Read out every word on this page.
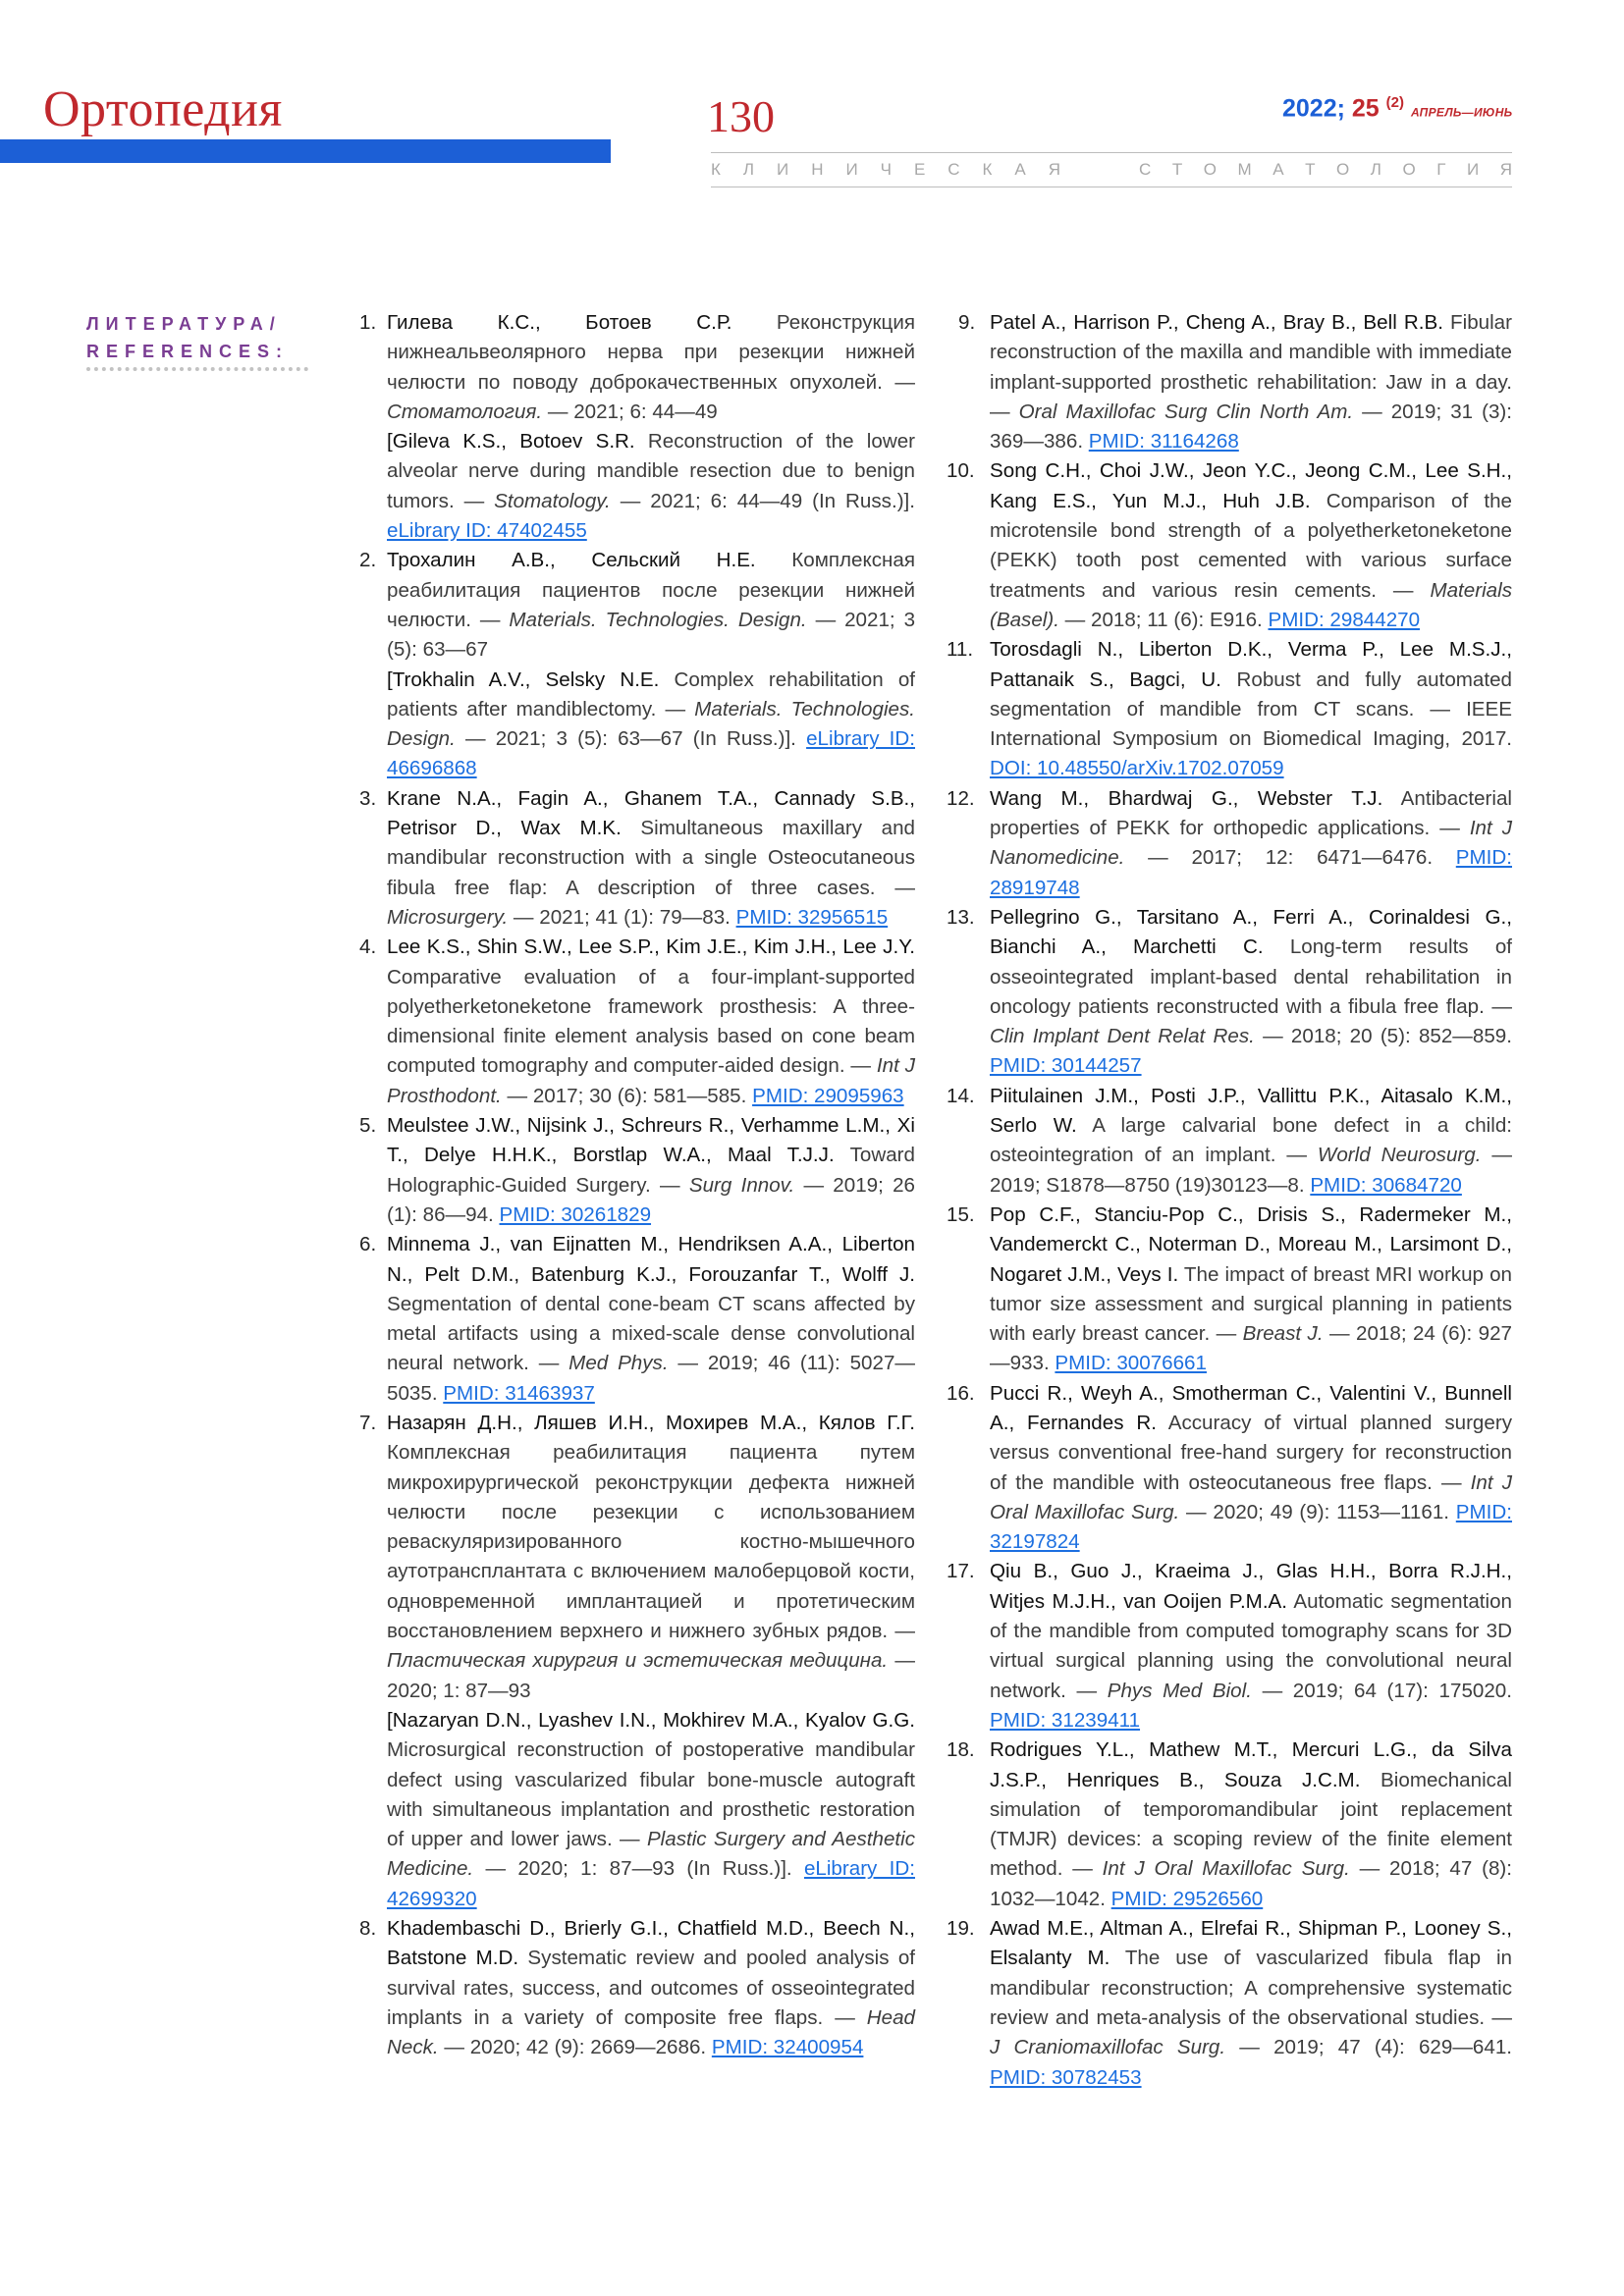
Ортопедия	130	2022; 25 $^{(2)}$ АПРЕЛЬ—ИЮНЬ
К Л И Н И Ч Е С К А Я	С Т О М А Т О Л О Г И Я
ЛИТЕРАТУРА/
REFERENCES:
1. Гилева К.С., Ботоев С.Р. Реконструкция нижнеальвеолярного нерва при резекции нижней челюсти по поводу доброкачественных опухолей. — Стоматология. — 2021; 6: 44—49
[Gileva K.S., Botoev S.R. Reconstruction of the lower alveolar nerve during mandible resection due to benign tumors. — Stomatology. — 2021; 6: 44—49 (In Russ.)]. eLibrary ID: 47402455
2. Трохалин А.В., Сельский Н.Е. Комплексная реабилитация пациентов после резекции нижней челюсти. — Materials. Technologies. Design. — 2021; 3 (5): 63—67
[Trokhalin A.V., Selsky N.E. Complex rehabilitation of patients after mandiblectomy. — Materials. Technologies. Design. — 2021; 3 (5): 63—67 (In Russ.)]. eLibrary ID: 46696868
3. Krane N.A., Fagin A., Ghanem T.A., Cannady S.B., Petrisor D., Wax M.K. Simultaneous maxillary and mandibular reconstruction with a single Osteocutaneous fibula free flap: A description of three cases. — Microsurgery. — 2021; 41 (1): 79—83. PMID: 32956515
4. Lee K.S., Shin S.W., Lee S.P., Kim J.E., Kim J.H., Lee J.Y. Comparative evaluation of a four-implant-supported polyetherketoneketone framework prosthesis: A three-dimensional finite element analysis based on cone beam computed tomography and computer-aided design. — Int J Prosthodont. — 2017; 30 (6): 581—585. PMID: 29095963
5. Meulstee J.W., Nijsink J., Schreurs R., Verhamme L.M., Xi T., Delye H.H.K., Borstlap W.A., Maal T.J.J. Toward Holographic-Guided Surgery. — Surg Innov. — 2019; 26 (1): 86—94. PMID: 30261829
6. Minnema J., van Eijnatten M., Hendriksen A.A., Liberton N., Pelt D.M., Batenburg K.J., Forouzanfar T., Wolff J. Segmentation of dental cone-beam CT scans affected by metal artifacts using a mixed-scale dense convolutional neural network. — Med Phys. — 2019; 46 (11): 5027—5035. PMID: 31463937
7. Назарян Д.Н., Ляшев И.Н., Мохирев М.А., Кялов Г.Г. Комплексная реабилитация пациента путем микрохирургической реконструкции дефекта нижней челюсти после резекции с использованием реваскуляризированного костно-мышечного аутотрансплантата с включением малоберцовой кости, одновременной имплантацией и протетическим восстановлением верхнего и нижнего зубных рядов. — Пластическая хирургия и эстетическая медицина. — 2020; 1: 87—93
[Nazaryan D.N., Lyashev I.N., Mokhirev M.A., Kyalov G.G. Microsurgical reconstruction of postoperative mandibular defect using vascularized fibular bone-muscle autograft with simultaneous implantation and prosthetic restoration of upper and lower jaws. — Plastic Surgery and Aesthetic Medicine. — 2020; 1: 87—93 (In Russ.)]. eLibrary ID: 42699320
8. Khadembaschi D., Brierly G.I., Chatfield M.D., Beech N., Batstone M.D. Systematic review and pooled analysis of survival rates, success, and outcomes of osseointegrated implants in a variety of composite free flaps. — Head Neck. — 2020; 42 (9): 2669—2686. PMID: 32400954
9. Patel A., Harrison P., Cheng A., Bray B., Bell R.B. Fibular reconstruction of the maxilla and mandible with immediate implant-supported prosthetic rehabilitation: Jaw in a day. — Oral Maxillofac Surg Clin North Am. — 2019; 31 (3): 369—386. PMID: 31164268
10. Song C.H., Choi J.W., Jeon Y.C., Jeong C.M., Lee S.H., Kang E.S., Yun M.J., Huh J.B. Comparison of the microtensile bond strength of a polyetherketoneketone (PEKK) tooth post cemented with various surface treatments and various resin cements. — Materials (Basel). — 2018; 11 (6): E916. PMID: 29844270
11. Torosdagli N., Liberton D.K., Verma P., Lee M.S.J., Pattanaik S., Bagci, U. Robust and fully automated segmentation of mandible from CT scans. — IEEE International Symposium on Biomedical Imaging, 2017. DOI: 10.48550/arXiv.1702.07059
12. Wang M., Bhardwaj G., Webster T.J. Antibacterial properties of PEKK for orthopedic applications. — Int J Nanomedicine. — 2017; 12: 6471—6476. PMID: 28919748
13. Pellegrino G., Tarsitano A., Ferri A., Corinaldesi G., Bianchi A., Marchetti C. Long-term results of osseointegrated implant-based dental rehabilitation in oncology patients reconstructed with a fibula free flap. — Clin Implant Dent Relat Res. — 2018; 20 (5): 852—859. PMID: 30144257
14. Piitulainen J.M., Posti J.P., Vallittu P.K., Aitasalo K.M., Serlo W. A large calvarial bone defect in a child: osteointegration of an implant. — World Neurosurg. — 2019; S1878—8750 (19)30123—8. PMID: 30684720
15. Pop C.F., Stanciu-Pop C., Drisis S., Radermeker M., Vandemerckt C., Noterman D., Moreau M., Larsimont D., Nogaret J.M., Veys I. The impact of breast MRI workup on tumor size assessment and surgical planning in patients with early breast cancer. — Breast J. — 2018; 24 (6): 927—933. PMID: 30076661
16. Pucci R., Weyh A., Smotherman C., Valentini V., Bunnell A., Fernandes R. Accuracy of virtual planned surgery versus conventional free-hand surgery for reconstruction of the mandible with osteocutaneous free flaps. — Int J Oral Maxillofac Surg. — 2020; 49 (9): 1153—1161. PMID: 32197824
17. Qiu B., Guo J., Kraeima J., Glas H.H., Borra R.J.H., Witjes M.J.H., van Ooijen P.M.A. Automatic segmentation of the mandible from computed tomography scans for 3D virtual surgical planning using the convolutional neural network. — Phys Med Biol. — 2019; 64 (17): 175020. PMID: 31239411
18. Rodrigues Y.L., Mathew M.T., Mercuri L.G., da Silva J.S.P., Henriques B., Souza J.C.M. Biomechanical simulation of temporomandibular joint replacement (TMJR) devices: a scoping review of the finite element method. — Int J Oral Maxillofac Surg. — 2018; 47 (8): 1032—1042. PMID: 29526560
19. Awad M.E., Altman A., Elrefai R., Shipman P., Looney S., Elsalanty M. The use of vascularized fibula flap in mandibular reconstruction; A comprehensive systematic review and meta-analysis of the observational studies. — J Craniomaxillofac Surg. — 2019; 47 (4): 629—641. PMID: 30782453
